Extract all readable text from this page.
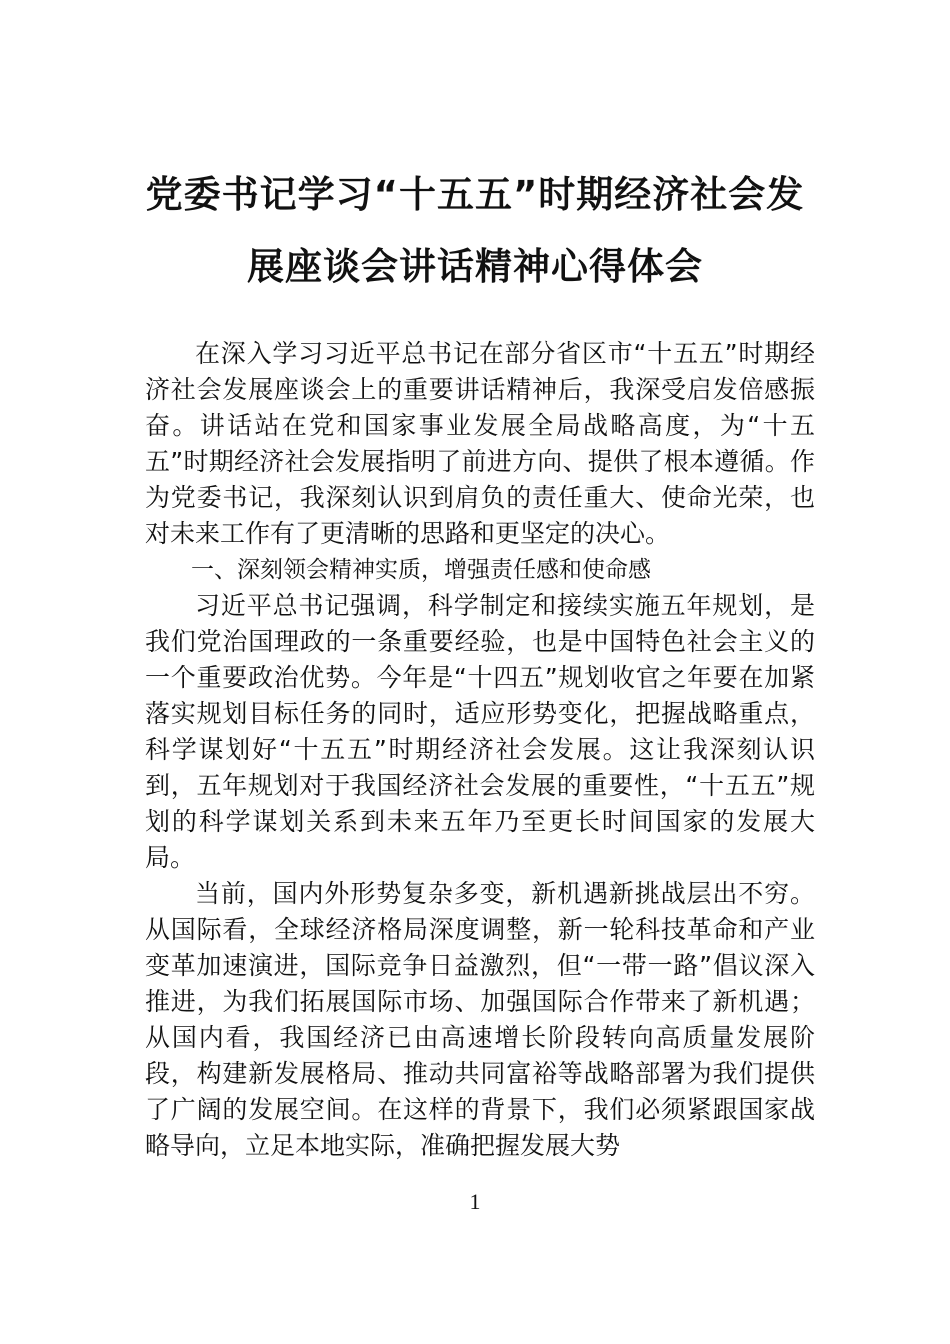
党委书记学习“十五五”时期经济社会发
展座谈会讲话精神心得体会

在深入学习习近平总书记在部分省区市“十五五”时期经济社会发展座谈会上的重要讲话精神后，我深受启发倍感振奋。讲话站在党和国家事业发展全局战略高度，为“十五五”时期经济社会发展指明了前进方向、提供了根本遵循。作为党委书记，我深刻认识到肩负的责任重大、使命光荣，也对未来工作有了更清晰的思路和更坚定的决心。

一、深刻领会精神实质，增强责任感和使命感

习近平总书记强调，科学制定和接续实施五年规划，是我们党治国理政的一条重要经验，也是中国特色社会主义的一个重要政治优势。今年是“十四五”规划收官之年要在加紧落实规划目标任务的同时，适应形势变化，把握战略重点，科学谋划好“十五五”时期经济社会发展。这让我深刻认识到，五年规划对于我国经济社会发展的重要性，“十五五”规划的科学谋划关系到未来五年乃至更长时间国家的发展大局。

当前，国内外形势复杂多变，新机遇新挑战层出不穷。从国际看，全球经济格局深度调整，新一轮科技革命和产业变革加速演进，国际竞争日益激烈，但“一带一路”倡议深入推进，为我们拓展国际市场、加强国际合作带来了新机遇；从国内看，我国经济已由高速增长阶段转向高质量发展阶段，构建新发展格局、推动共同富裕等战略部署为我们提供了广阔的发展空间。在这样的背景下，我们必须紧跟国家战略导向，立足本地实际，准确把握发展大势

1
